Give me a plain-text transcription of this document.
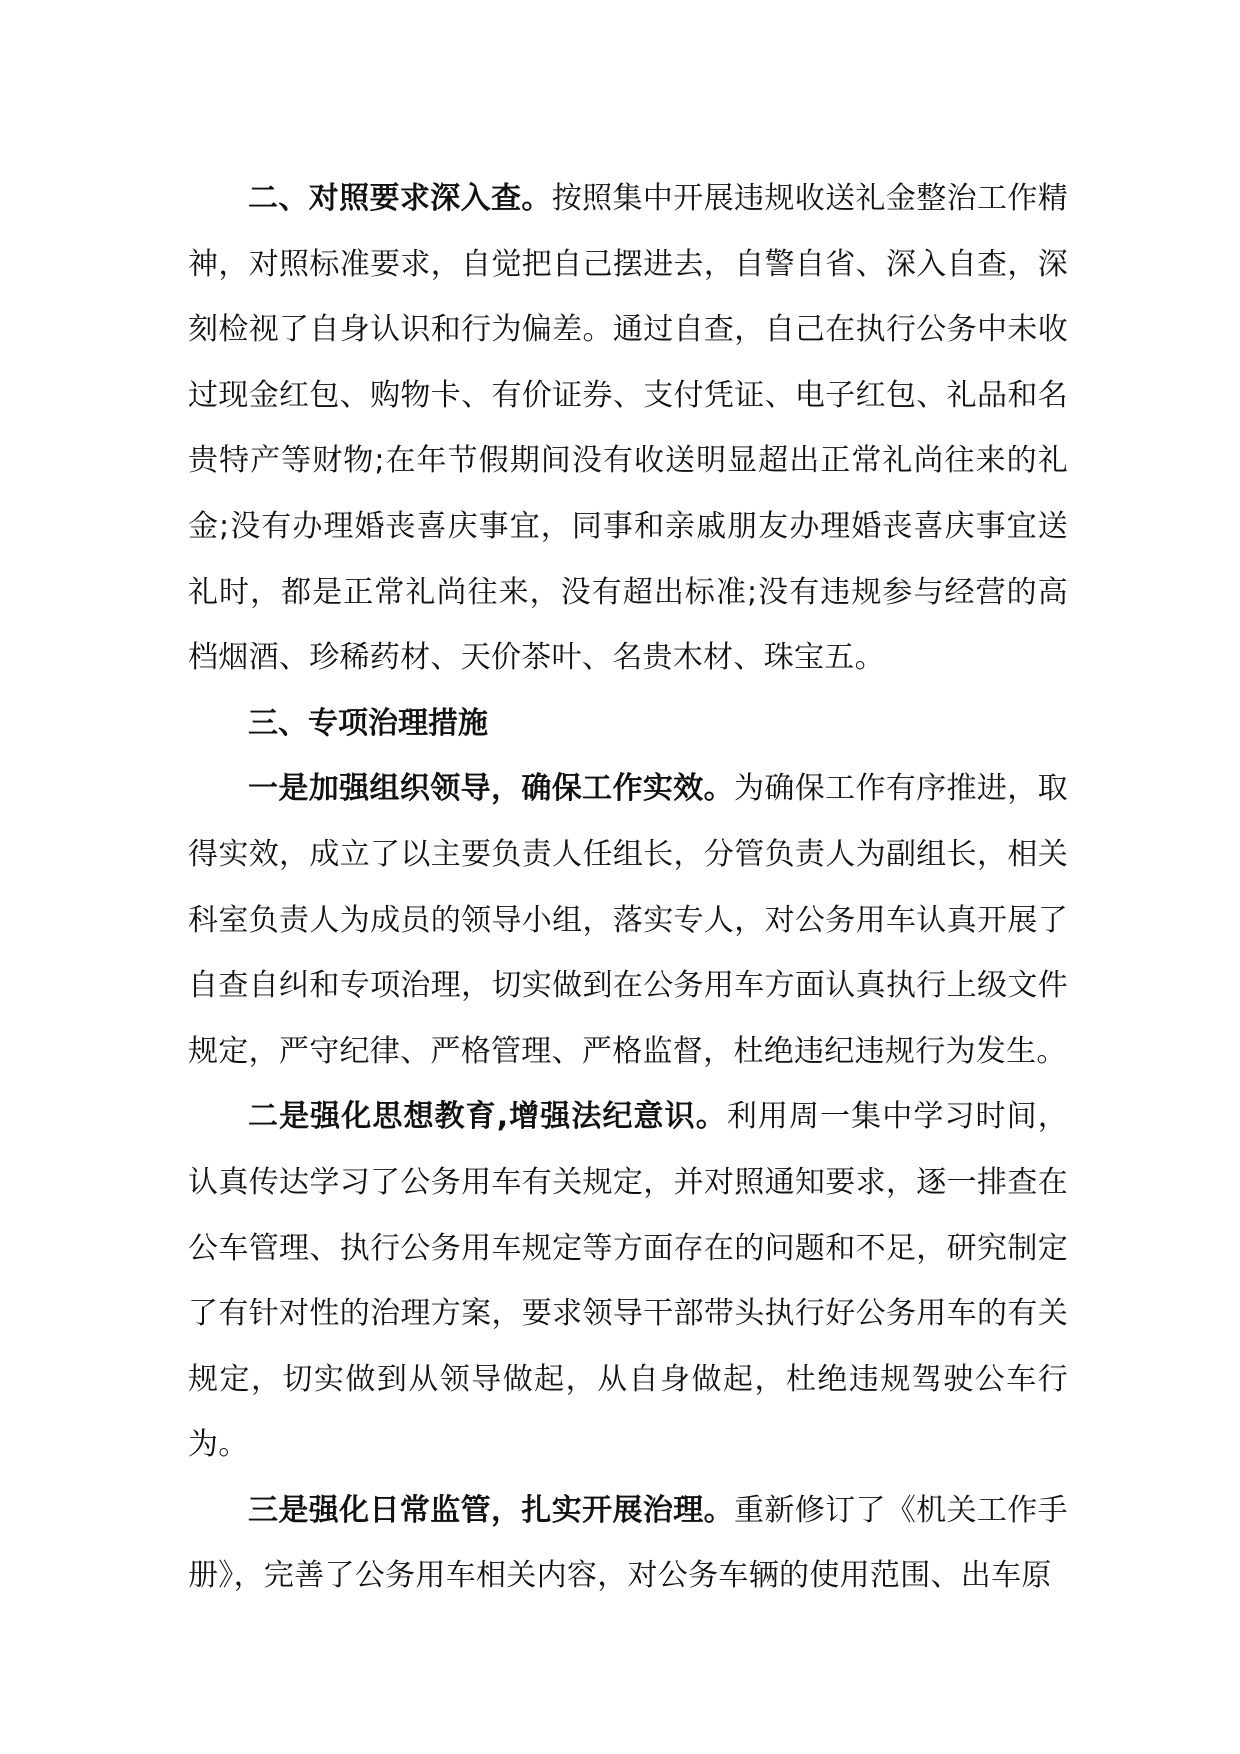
二、对照要求深入查。按照集中开展违规收送礼金整治工作精神，对照标准要求，自觉把自己摆进去，自警自省、深入自查，深刻检视了自身认识和行为偏差。通过自查，自己在执行公务中未收过现金红包、购物卡、有价证券、支付凭证、电子红包、礼品和名贵特产等财物;在年节假期间没有收送明显超出正常礼尚往来的礼金;没有办理婚丧喜庆事宜，同事和亲戚朋友办理婚丧喜庆事宜送礼时，都是正常礼尚往来，没有超出标准;没有违规参与经营的高档烟酒、珍稀药材、天价茶叶、名贵木材、珠宝五。

三、专项治理措施

一是加强组织领导，确保工作实效。为确保工作有序推进，取得实效，成立了以主要负责人任组长，分管负责人为副组长，相关科室负责人为成员的领导小组，落实专人，对公务用车认真开展了自查自纠和专项治理，切实做到在公务用车方面认真执行上级文件规定，严守纪律、严格管理、严格监督，杜绝违纪违规行为发生。

二是强化思想教育,增强法纪意识。利用周一集中学习时间，认真传达学习了公务用车有关规定，并对照通知要求，逐一排查在公车管理、执行公务用车规定等方面存在的问题和不足，研究制定了有针对性的治理方案，要求领导干部带头执行好公务用车的有关规定，切实做到从领导做起，从自身做起，杜绝违规驾驶公车行为。

三是强化日常监管，扎实开展治理。重新修订了《机关工作手册》，完善了公务用车相关内容，对公务车辆的使用范围、出车原
